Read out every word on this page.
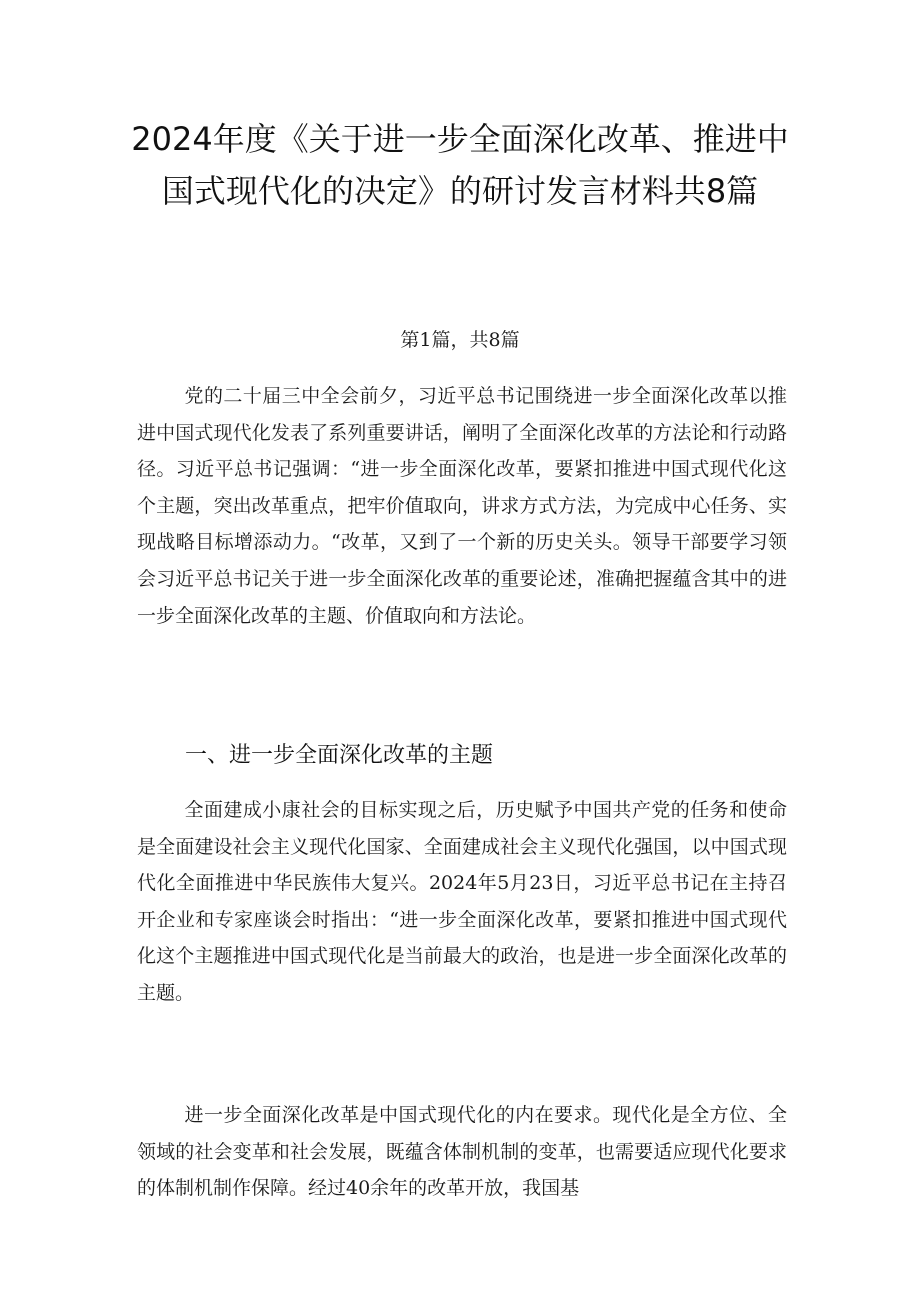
2024年度《关于进一步全面深化改革、推进中国式现代化的决定》的研讨发言材料共8篇
第1篇，共8篇

党的二十届三中全会前夕，习近平总书记围绕进一步全面深化改革以推进中国式现代化发表了系列重要讲话，阐明了全面深化改革的方法论和行动路径。习近平总书记强调：“进一步全面深化改革，要紧扣推进中国式现代化这个主题，突出改革重点，把牢价值取向，讲求方式方法，为完成中心任务、实现战略目标增添动力。“改革，又到了一个新的历史关头。领导干部要学习领会习近平总书记关于进一步全面深化改革的重要论述，准确把握蕴含其中的进一步全面深化改革的主题、价值取向和方法论。

一、进一步全面深化改革的主题

全面建成小康社会的目标实现之后，历史赋予中国共产党的任务和使命是全面建设社会主义现代化国家、全面建成社会主义现代化强国，以中国式现代化全面推进中华民族伟大复兴。2024年5月23日，习近平总书记在主持召开企业和专家座谈会时指出：“进一步全面深化改革，要紧扣推进中国式现代化这个主题推进中国式现代化是当前最大的政治，也是进一步全面深化改革的主题。

进一步全面深化改革是中国式现代化的内在要求。现代化是全方位、全领域的社会变革和社会发展，既蕴含体制机制的变革，也需要适应现代化要求的体制机制作保障。经过40余年的改革开放，我国基
